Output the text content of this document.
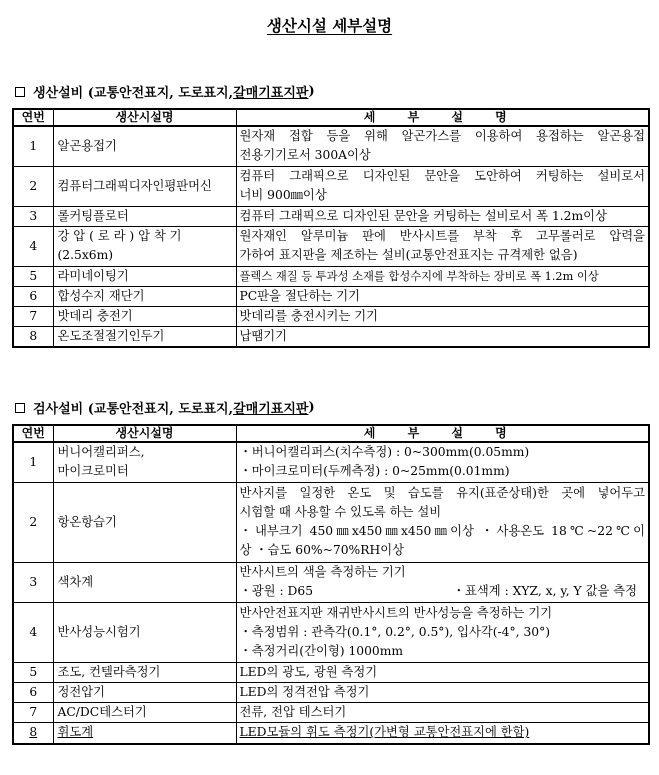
생산시설 세부설명
생산설비 ( 교통안전표지, 도로표지, 갈매기표지판 )
연번	생산시설명	세 부 설 명
1	알곤용접기	원자재 접합 등을 위해 알곤가스를 이용하여 용접하는 알곤용접
전용기기로서 300A이상

2	컴퓨터그래픽디자인평판머신	컴퓨터 그래픽으로 디자인된 문안을 도안하여 커팅하는 설비로서
너비 900㎜이상

3	롤커팅플로터	컴퓨터 그래픽으로 디자인된 문안을 커팅하는 설비로서 폭 1.2m이상
4	강 압 ( 로 라 ) 압 착 기
(2.5x6m)	원자재인 알루미늄 판에 반사시트를 부착 후 고무롤러로 압력을
가하여 표지판을 제조하는 설비(교통안전표지는 규격제한 없음)

5	라미네이팅기	플렉스 재질 등 투과성 소재를 합성수지에 부착하는 장비로 폭 1.2m 이상
6	합성수지 재단기	PC판을 절단하는 기기
7	밧데리 충전기	밧데리를 충전시키는 기기
8	온도조절절기인두기	납땜기기
검사설비 ( 교통안전표지, 도로표지, 갈매기표지판 )
연번	생산시설명	세 부 설 명
1	버니어캘리퍼스,
마이크로미터	・버니어캘리퍼스(치수측정) : 0~300mm(0.05mm)
・마이크로미터(두께측정) : 0~25mm(0.01mm)

2	항온항습기	반사지를 일정한 온도 및 습도를 유지(표준상태)한 곳에 넣어두고
시험할 때 사용할 수 있도록 하는 설비
・내부크기 450㎜x450㎜x450㎜이상 ・사용온도 18℃~22℃이
상 ・습도 60%~70%RH이상

3	색차계	반사시트의 색을 측정하는 기기
・광원 : D65 ・표색계 : XYZ, x, y, Y 값을 측정

4	반사성능시험기	반사안전표지판 재귀반사시트의 반사성능을 측정하는 기기
・측정범위 : 관측각(0.1°, 0.2°, 0.5°), 입사각(-4°, 30°)
・측정거리(간이형) 1000mm

5	조도, 컨텔라측정기	LED의 광도, 광원 측정기
6	정전압기	LED의 정격전압 측정기
7	AC/DC테스터기	전류, 전압 테스터기
8	휘도계	LED모듈의 휘도 측정기(가변형 교통안전표지에 한함)
